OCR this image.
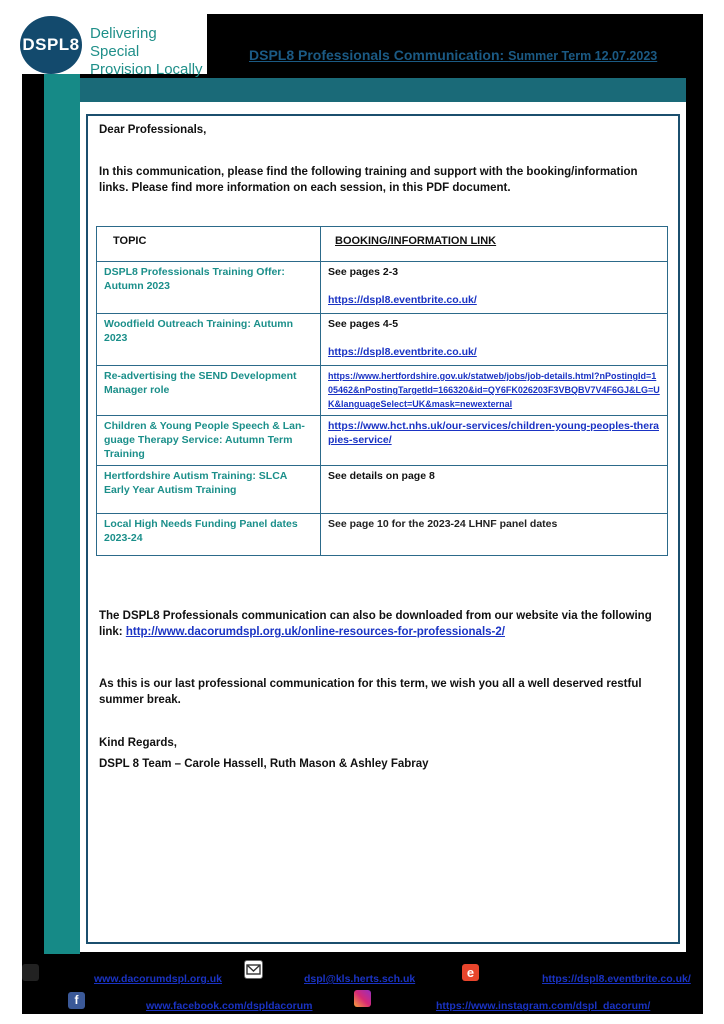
DSPL8
Delivering Special
Provision Locally
DSPL8 Professionals Communication: Summer Term 12.07.2023
Dear Professionals,
In this communication, please find the following training and support with the booking/information links. Please find more information on each session, in this PDF document.
TOPIC	BOOKING/INFORMATION LINK
DSPL8 Professionals Training Offer: Autumn 2023	See pages 2-3
https://dspl8.eventbrite.co.uk/

Woodfield Outreach Training: Autumn 2023	See pages 4-5
https://dspl8.eventbrite.co.uk/

Re-advertising the SEND Development Manager role	https://www.hertfordshire.gov.uk/statweb/jobs/job-details.html?nPostingId=105462&nPostingTargetId=166320&id=QY6FK026203F3VBQBV7V4F6GJ&LG=UK&languageSelect=UK&mask=newexternal
Children & Young People Speech & Lan-guage Therapy Service: Autumn Term Training	https://www.hct.nhs.uk/our-services/children-young-peoples-therapies-service/
Hertfordshire Autism Training: SLCA Early Year Autism Training	See details on page 8
Local High Needs Funding Panel dates 2023-24	See page 10 for the 2023-24 LHNF panel dates
The DSPL8 Professionals communication can also be downloaded from our website via the following link: http://www.dacorumdspl.org.uk/online-resources-for-professionals-2/
As this is our last professional communication for this term, we wish you all a well deserved restful summer break.
Kind Regards,
DSPL 8 Team – Carole Hassell, Ruth Mason & Ashley Fabray
www.dacorumdspl.org.uk	dspl@kls.herts.sch.uk	e	https://dspl8.eventbrite.co.uk/
f	www.facebook.com/dspldacorum	https://www.instagram.com/dspl_dacorum/
